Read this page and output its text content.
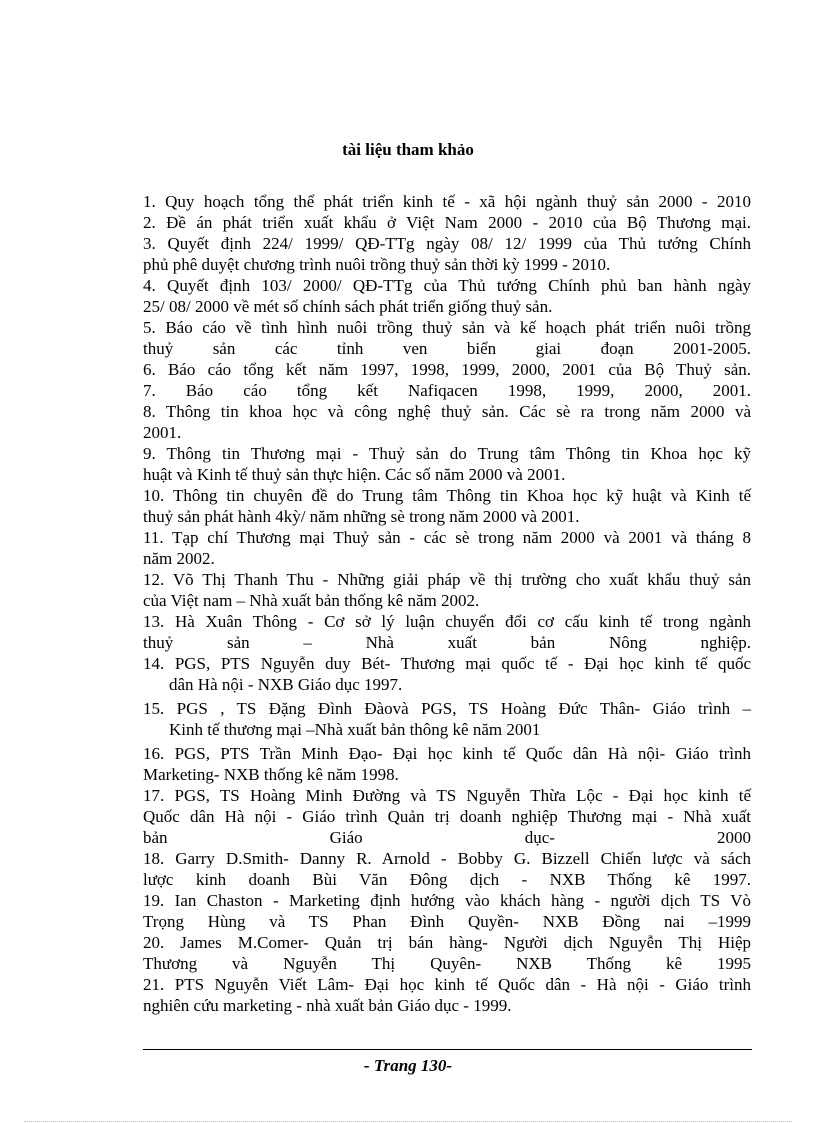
tài liệu tham khảo
1. Quy hoạch tổng thể phát triển kinh tế - xã hội ngành thuỷ sản 2000 - 2010
2. Đề án phát triển xuất khẩu ở Việt Nam 2000 - 2010 của Bộ Thương mại.
3. Quyết định 224/ 1999/ QĐ-TTg ngày 08/ 12/ 1999 của Thủ tướng Chính
phủ phê duyệt chương trình nuôi trồng thuỷ sản thời kỳ 1999 - 2010.
4. Quyết định 103/ 2000/ QĐ-TTg của Thủ tướng Chính phủ ban hành ngày
25/ 08/ 2000 về mét số chính sách phát triển giống thuỷ sản.
5. Báo cáo về tình hình nuôi trồng thuỷ sản và kế hoạch phát triển nuôi trồng
thuỷ sản các tỉnh ven biển giai đoạn 2001-2005.
6. Báo cáo tổng kết năm 1997, 1998, 1999, 2000, 2001 của Bộ Thuỷ sản.
7. Báo cáo tổng kết Nafiqacen 1998, 1999, 2000, 2001.
8. Thông tin khoa học và công nghệ thuỷ sản. Các sè ra trong năm 2000 và
2001.
9. Thông tin Thương mại - Thuỷ sản do Trung tâm Thông tin Khoa học kỹ
huật và Kinh tế thuỷ sản thực hiện. Các số năm 2000 và 2001.
10. Thông tin chuyên đề do Trung tâm Thông tin Khoa học kỹ huật và Kinh tế
thuỷ sản phát hành 4kỳ/ năm những sè trong năm 2000 và 2001.
11. Tạp chí Thương mại Thuỷ sản - các sè trong năm 2000 và 2001 và tháng 8
năm 2002.
12. Võ Thị Thanh Thu - Những giải pháp về thị trường cho xuất khẩu thuỷ sản
của Việt nam – Nhà xuất bản thống kê năm 2002.
13. Hà Xuân Thông - Cơ sở lý luận chuyển đổi cơ cấu kinh tế trong ngành
thuỷ sản – Nhà xuất bản Nông nghiệp.
14. PGS, PTS Nguyễn duy Bét- Thương mại quốc tế - Đại học kinh tế quốc
dân Hà nội - NXB Giáo dục 1997.
15. PGS , TS Đặng Đình Đàovà PGS, TS Hoàng Đức Thân- Giáo trình –
Kinh tế thương mại –Nhà xuất bản thông kê năm 2001
16. PGS, PTS Trần Minh Đạo- Đại học kinh tế Quốc dân Hà nội- Giáo trình
Marketing- NXB thống kê năm 1998.
17. PGS, TS Hoàng Minh Đường và TS Nguyễn Thừa Lộc - Đại học kinh tế
Quốc dân Hà nội - Giáo trình Quản trị doanh nghiệp Thương mại - Nhà xuất
bản Giáo dục- 2000
18. Garry D.Smith- Danny R. Arnold - Bobby G. Bizzell Chiến lược và sách
lược kinh doanh Bùi Văn Đông dịch - NXB Thống kê 1997.
19. Ian Chaston - Marketing định hướng vào khách hàng - người dịch TS Vò
Trọng Hùng và TS Phan Đình Quyền- NXB Đồng nai –1999
20. James M.Comer- Quản trị bán hàng- Người dịch Nguyễn Thị Hiệp
Thương và Nguyễn Thị Quyên- NXB Thống kê 1995
21. PTS Nguyễn Viết Lâm- Đại học kinh tế Quốc dân - Hà nội - Giáo trình
nghiên cứu marketing - nhà xuất bản Giáo dục - 1999.
- Trang 130-
